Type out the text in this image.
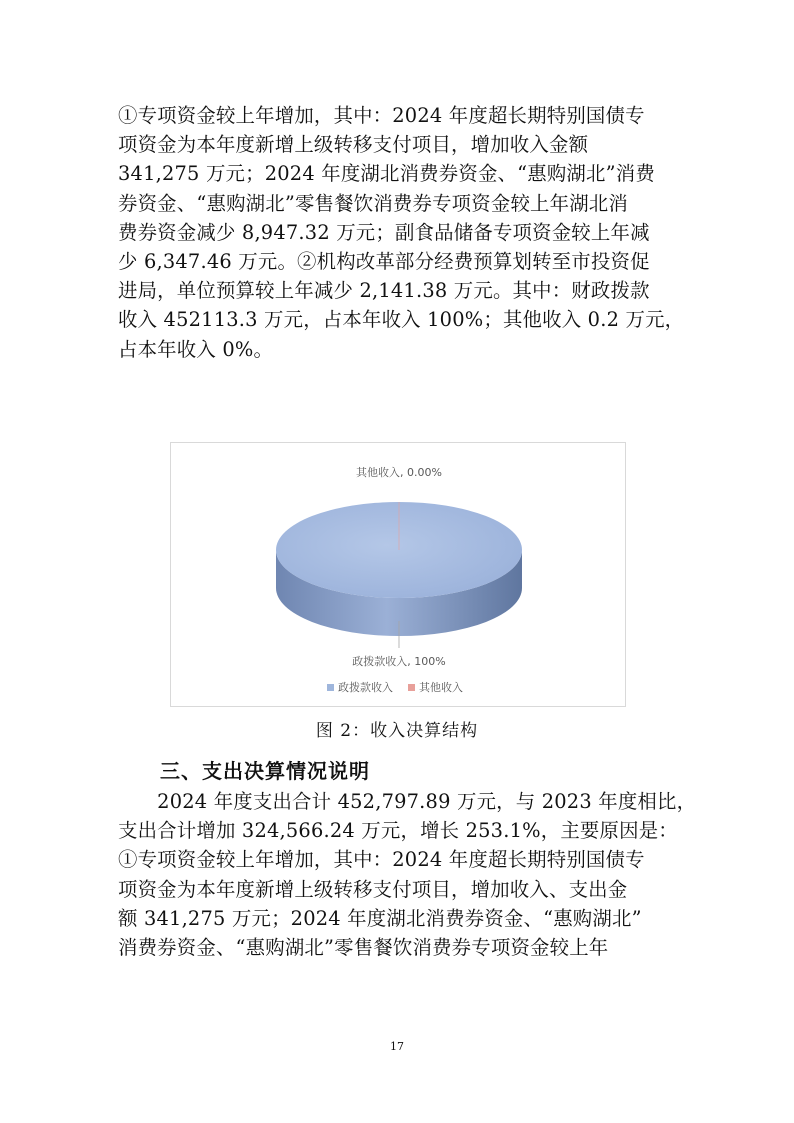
①专项资金较上年增加，其中：2024 年度超长期特别国债专
项资金为本年度新增上级转移支付项目，增加收入金额
341,275 万元；2024 年度湖北消费券资金、“惠购湖北”消费
券资金、“惠购湖北”零售餐饮消费券专项资金较上年湖北消
费券资金减少 8,947.32 万元；副食品储备专项资金较上年减
少 6,347.46 万元。②机构改革部分经费预算划转至市投资促
进局，单位预算较上年减少 2,141.38 万元。其中：财政拨款
收入 452113.3 万元，占本年收入 100%；其他收入 0.2 万元，
占本年收入 0%。
其他收入, 0.00%
政拨款收入, 100%
政拨款收入 其他收入
图 2：收入决算结构
三、支出决算情况说明
　　2024 年度支出合计 452,797.89 万元，与 2023 年度相比，
支出合计增加 324,566.24 万元，增长 253.1%，主要原因是：
①专项资金较上年增加，其中：2024 年度超长期特别国债专
项资金为本年度新增上级转移支付项目，增加收入、支出金
额 341,275 万元；2024 年度湖北消费券资金、“惠购湖北”
消费券资金、“惠购湖北”零售餐饮消费券专项资金较上年
17
